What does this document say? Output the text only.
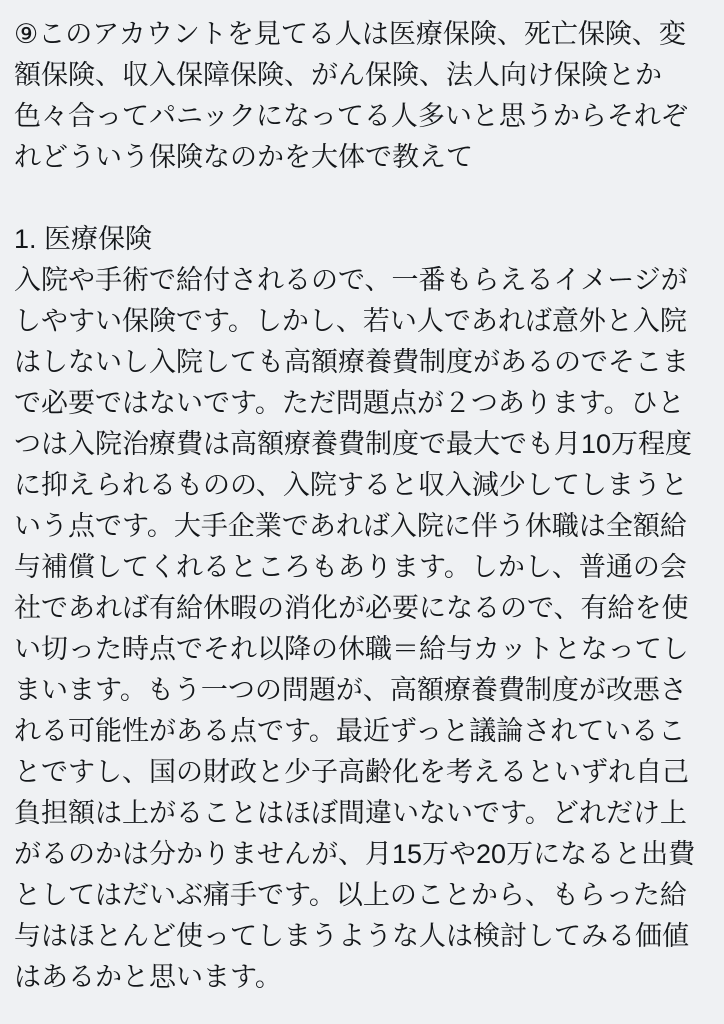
⑨このアカウントを見てる人は医療保険、死亡保険、変額保険、収入保障保険、がん保険、法人向け保険とか色々合ってパニックになってる人多いと思うからそれぞれどういう保険なのかを大体で教えて

1. 医療保険

入院や手術で給付されるので、一番もらえるイメージがしやすい保険です。しかし、若い人であれば意外と入院はしないし入院しても高額療養費制度があるのでそこまで必要ではないです。ただ問題点が２つあります。ひとつは入院治療費は高額療養費制度で最大でも月10万程度に抑えられるものの、入院すると収入減少してしまうという点です。大手企業であれば入院に伴う休職は全額給与補償してくれるところもあります。しかし、普通の会社であれば有給休暇の消化が必要になるので、有給を使い切った時点でそれ以降の休職＝給与カットとなってしまいます。もう一つの問題が、高額療養費制度が改悪される可能性がある点です。最近ずっと議論されていることですし、国の財政と少子高齢化を考えるといずれ自己負担額は上がることはほぼ間違いないです。どれだけ上がるのかは分かりませんが、月15万や20万になると出費としてはだいぶ痛手です。以上のことから、もらった給与はほとんど使ってしまうような人は検討してみる価値はあるかと思います。
